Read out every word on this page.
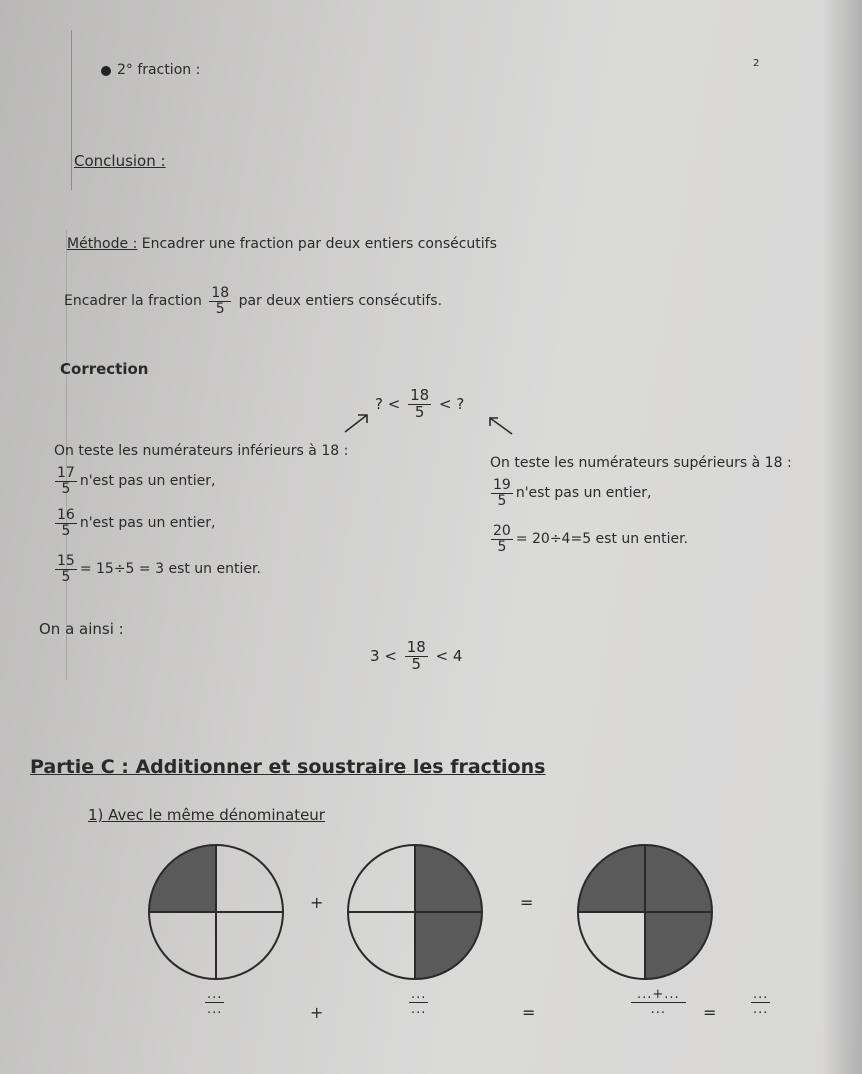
2° fraction :	2
Conclusion :
Méthode : Encadrer une fraction par deux entiers consécutifs
Encadrer la fraction $\frac{18}{5}$ par deux entiers consécutifs.
Correction
? < $\frac{18}{5}$ < ?
On teste les numérateurs inférieurs à 18 :
$\frac{17}{5} n'est$ pas un entier,
$\frac{16}{5} n'est$ pas un entier,
$\frac{15}{5} = 15\div 5 = 3$ est un entier.
On teste les numérateurs supérieurs à 18 :
$\frac{19}{5} n'est$ pas un entier,
$\frac{20}{5} = 20\div 4=5$ est un entier.
On a ainsi :
$3 < \frac{18}{5} < 4$
Partie C : Additionner et soustraire les fractions
1) Avec le même dénominateur
+	=
$\frac{...}{...}$	+	$\frac{...}{...}$	=	$\frac{...+...}{...}$ =	$\frac{...}{...}$
